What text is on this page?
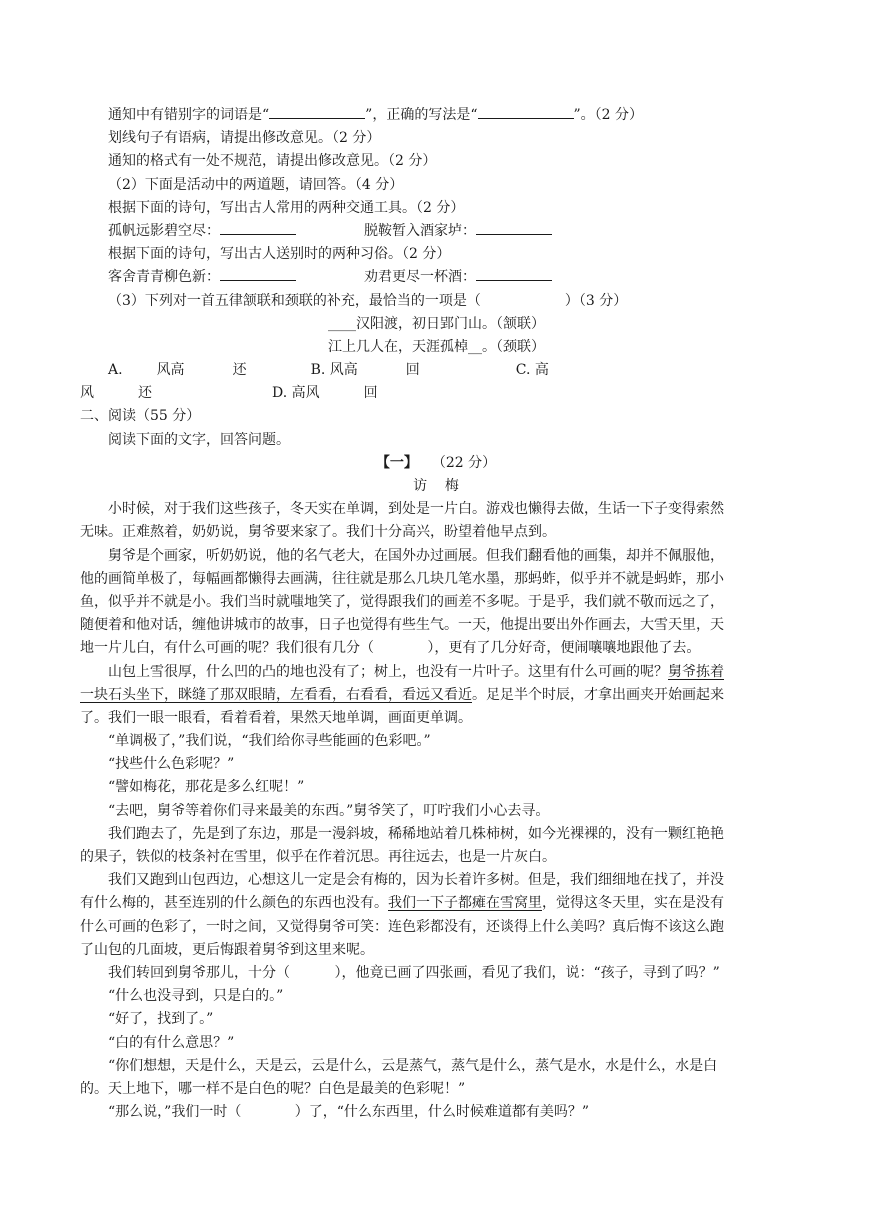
通知中有错别字的词语是“	”，正确的写法是“	”。（2 分）
划线句子有语病，请提出修改意见。（2 分）
通知的格式有一处不规范，请提出修改意见。（2 分）
（2）下面是活动中的两道题，请回答。（4 分）
根据下面的诗句，写出古人常用的两种交通工具。（2 分）
孤帆远影碧空尽：	脱鞍暂入酒家垆：
根据下面的诗句，写出古人送别时的两种习俗。（2 分）
客舍青青柳色新：	劝君更尽一杯酒：
（3）下列对一首五律颔联和颈联的补充，最恰当的一项是（	）（3 分）
____汉阳渡，初日郢门山。（颔联）
江上几人在，天涯孤棹__。（颈联）
A. 风高	还	B. 风高	回	C. 高
风	还	D. 高风	回
二、阅读（55 分）
阅读下面的文字，回答问题。
【一】 （22 分）
访    梅
小时候，对于我们这些孩子，冬天实在单调，到处是一片白。游戏也懒得去做，生话一下子变得索然
无味。正难熬着，奶奶说，舅爷要来家了。我们十分高兴，盼望着他早点到。
舅爷是个画家，听奶奶说，他的名气老大，在国外办过画展。但我们翻看他的画集，却并不佩服他，
他的画简单极了，每幅画都懒得去画满，往往就是那么几块几笔水墨，那蚂蚱，似乎并不就是蚂蚱，那小
鱼，似乎并不就是小。我们当时就嗤地笑了，觉得跟我们的画差不多呢。于是乎，我们就不敬而远之了，
随便着和他对话，缠他讲城市的故事，日子也觉得有些生气。一天，他提出要出外作画去，大雪天里，天
地一片儿白，有什么可画的呢？我们很有几分（            ），更有了几分好奇，便闹嚷嚷地跟他了去。
山包上雪很厚，什么凹的凸的地也没有了；树上，也没有一片叶子。这里有什么可画的呢？舅爷拣着
一块石头坐下，眯缝了那双眼睛，左看看，右看看，看远又看近。足足半个时辰，才拿出画夹开始画起来
了。我们一眼一眼看，看着看着，果然天地单调，画面更单调。
“单调极了，”我们说，“我们给你寻些能画的色彩吧。”
“找些什么色彩呢？”
“譬如梅花，那花是多么红呢！”
“去吧，舅爷等着你们寻来最美的东西。”舅爷笑了，叮咛我们小心去寻。
我们跑去了，先是到了东边，那是一漫斜坡，稀稀地站着几株柿树，如今光裸裸的，没有一颗红艳艳
的果子，铁似的枝条衬在雪里，似乎在作着沉思。再往远去，也是一片灰白。
我们又跑到山包西边，心想这儿一定是会有梅的，因为长着许多树。但是，我们细细地在找了，并没
有什么梅的，甚至连别的什么颜色的东西也没有。我们一下子都瘫在雪窝里，觉得这冬天里，实在是没有
什么可画的色彩了，一时之间，又觉得舅爷可笑：连色彩都没有，还谈得上什么美吗？真后悔不该这么跑
了山包的几面坡，更后悔跟着舅爷到这里来呢。
我们转回到舅爷那儿，十分（          ），他竟已画了四张画，看见了我们，说：“孩子，寻到了吗？”
“什么也没寻到，只是白的。”
“好了，找到了。”
“白的有什么意思？”
“你们想想，天是什么，天是云，云是什么，云是蒸气，蒸气是什么，蒸气是水，水是什么，水是白
的。天上地下，哪一样不是白色的呢？白色是最美的色彩呢！”
“那么说，”我们一时（            ）了，“什么东西里，什么时候难道都有美吗？”
